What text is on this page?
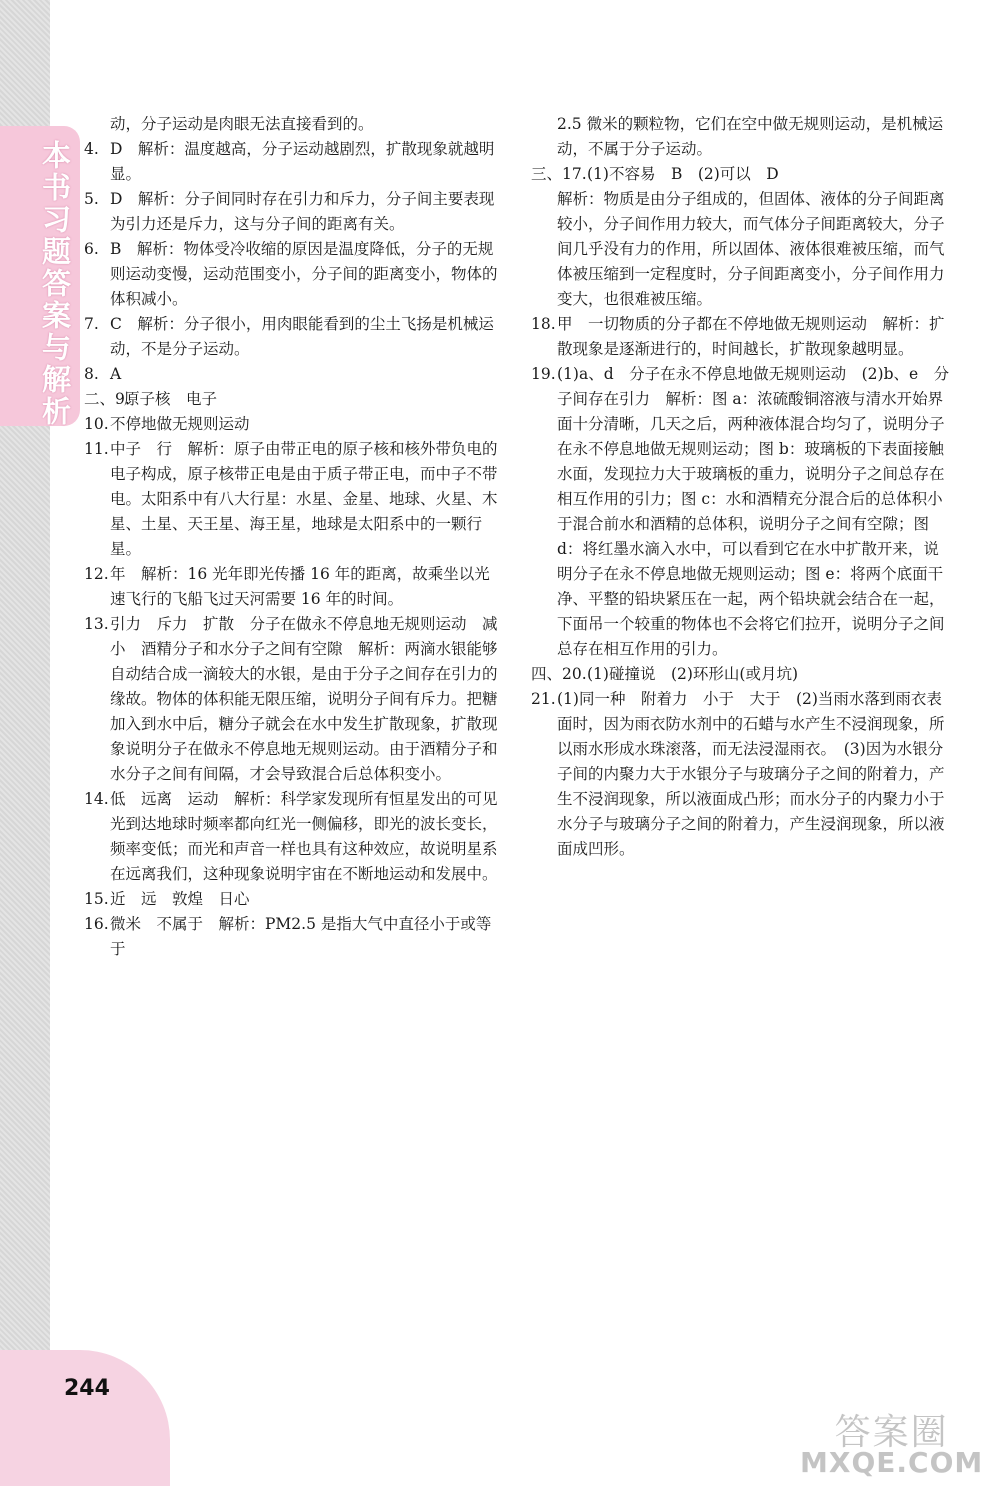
本书习题答案与解析
244
动，分子运动是肉眼无法直接看到的。
4. D　解析：温度越高，分子运动越剧烈，扩散现象就越明显。
5. D　解析：分子间同时存在引力和斥力，分子间主要表现为引力还是斥力，这与分子间的距离有关。
6. B　解析：物体受冷收缩的原因是温度降低，分子的无规则运动变慢，运动范围变小，分子间的距离变小，物体的体积减小。
7. C　解析：分子很小，用肉眼能看到的尘土飞扬是机械运动，不是分子运动。
8. A
二、9.
原子核　电子
10. 不停地做无规则运动
11. 中子　行　解析：原子由带正电的原子核和核外带负电的电子构成，原子核带正电是由于质子带正电，而中子不带电。太阳系中有八大行星：水星、金星、地球、火星、木星、土星、天王星、海王星，地球是太阳系中的一颗行星。
12. 年　解析：16 光年即光传播 16 年的距离，故乘坐以光速飞行的飞船飞过天河需要 16 年的时间。
13. 引力　斥力　扩散　分子在做永不停息地无规则运动　减小　酒精分子和水分子之间有空隙　解析：两滴水银能够自动结合成一滴较大的水银，是由于分子之间存在引力的缘故。物体的体积能无限压缩，说明分子间有斥力。把糖加入到水中后，糖分子就会在水中发生扩散现象，扩散现象说明分子在做永不停息地无规则运动。由于酒精分子和水分子之间有间隔，才会导致混合后总体积变小。
14. 低　远离　运动　解析：科学家发现所有恒星发出的可见光到达地球时频率都向红光一侧偏移，即光的波长变长，频率变低；而光和声音一样也具有这种效应，故说明星系在远离我们，这种现象说明宇宙在不断地运动和发展中。
15. 近　远　敦煌　日心
16. 微米　不属于　解析：PM2.5 是指大气中直径小于或等于
2.5 微米的颗粒物，它们在空中做无规则运动，是机械运动，不属于分子运动。
三、17. (1)不容易　B　(2)可以　D
解析：物质是由分子组成的，但固体、液体的分子间距离较小，分子间作用力较大，而气体分子间距离较大，分子间几乎没有力的作用，所以固体、液体很难被压缩，而气体被压缩到一定程度时，分子间距离变小，分子间作用力变大，也很难被压缩。
18. 甲　一切物质的分子都在不停地做无规则运动　解析：扩散现象是逐渐进行的，时间越长，扩散现象越明显。
19. (1)a、d　分子在永不停息地做无规则运动　(2)b、e　分子间存在引力　解析：图 a：浓硫酸铜溶液与清水开始界面十分清晰，几天之后，两种液体混合均匀了，说明分子在永不停息地做无规则运动；图 b：玻璃板的下表面接触水面，发现拉力大于玻璃板的重力，说明分子之间总存在相互作用的引力；图 c：水和酒精充分混合后的总体积小于混合前水和酒精的总体积，说明分子之间有空隙；图 d：将红墨水滴入水中，可以看到它在水中扩散开来，说明分子在永不停息地做无规则运动；图 e：将两个底面干净、平整的铅块紧压在一起，两个铅块就会结合在一起，下面吊一个较重的物体也不会将它们拉开，说明分子之间总存在相互作用的引力。
四、20. (1)碰撞说　(2)环形山(或月坑)
21. (1)同一种　附着力　小于　大于　(2)当雨水落到雨衣表面时，因为雨衣防水剂中的石蜡与水产生不浸润现象，所以雨水形成水珠滚落，而无法浸湿雨衣。　(3)因为水银分子间的内聚力大于水银分子与玻璃分子之间的附着力，产生不浸润现象，所以液面成凸形；而水分子的内聚力小于水分子与玻璃分子之间的附着力，产生浸润现象，所以液面成凹形。
答案圈
MXQE.COM
